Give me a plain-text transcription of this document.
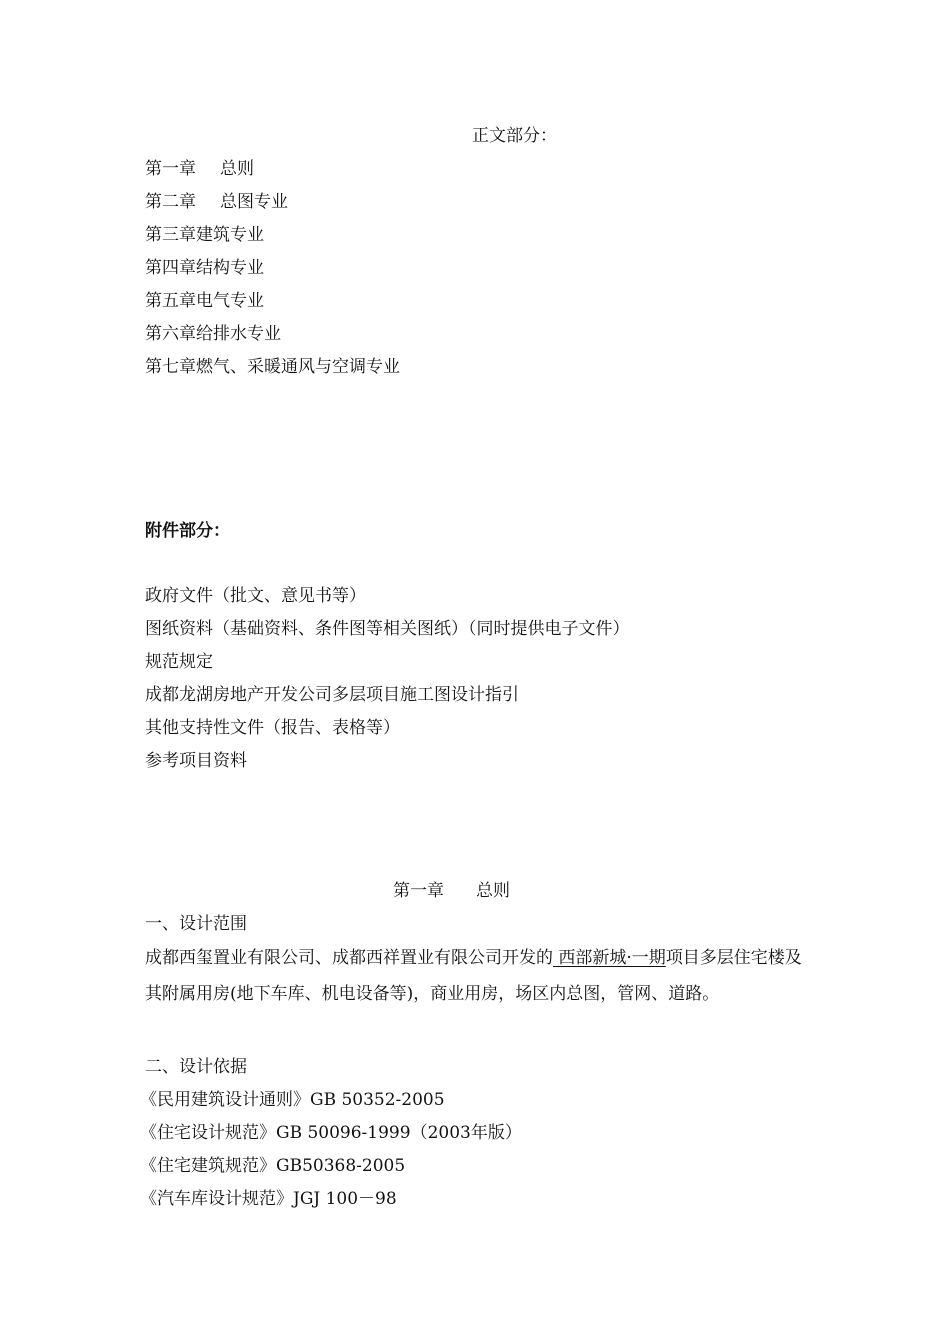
正文部分：
第一章 总则
第二章 总图专业
第三章建筑专业
第四章结构专业
第五章电气专业
第六章给排水专业
第七章燃气、采暖通风与空调专业
附件部分：
政府文件（批文、意见书等）
图纸资料（基础资料、条件图等相关图纸）（同时提供电子文件）
规范规定
成都龙湖房地产开发公司多层项目施工图设计指引
其他支持性文件（报告、表格等）
参考项目资料
第一章 总则
一、设计范围
成都西玺置业有限公司、成都西祥置业有限公司开发的 西部新城·一期项目多层住宅楼及其附属用房(地下车库、机电设备等)，商业用房，场区内总图，管网、道路。
二、设计依据
《民用建筑设计通则》GB 50352-2005
《住宅设计规范》GB 50096-1999（2003年版）
《住宅建筑规范》GB50368-2005
《汽车库设计规范》JGJ 100－98
